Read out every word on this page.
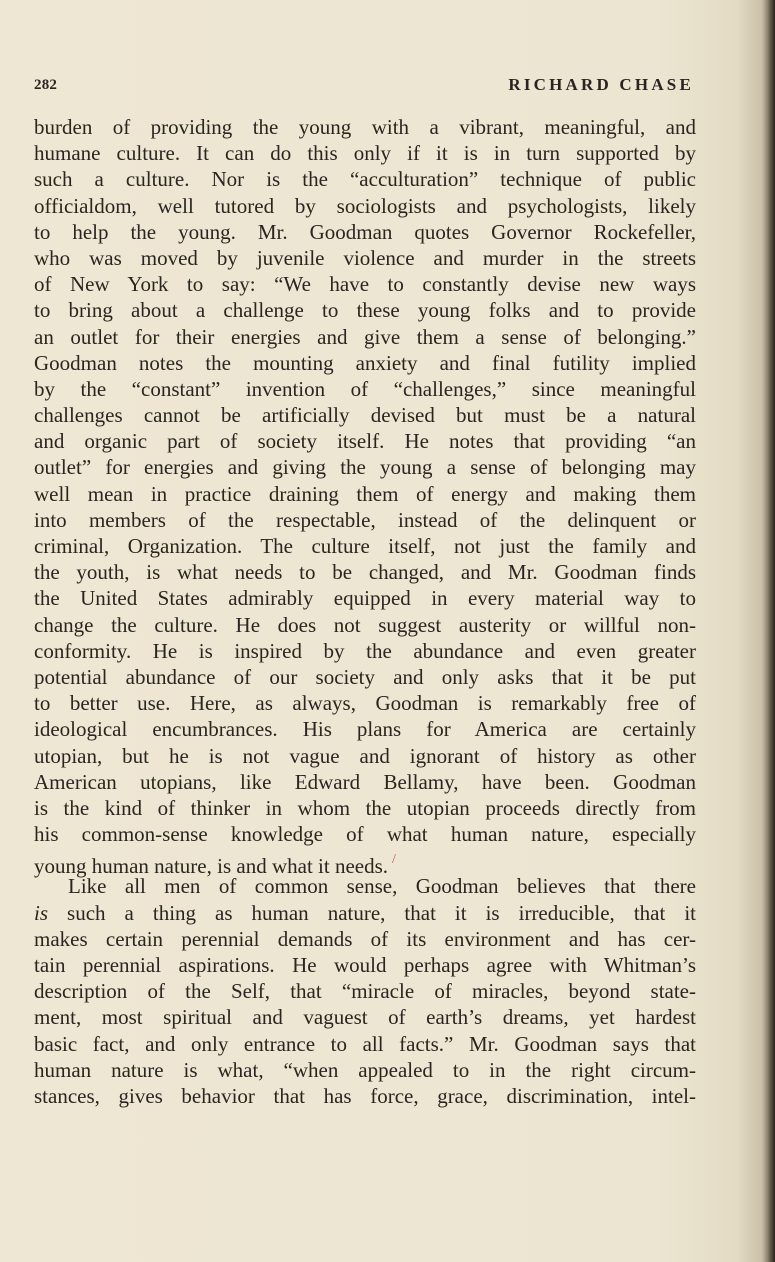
282	RICHARD CHASE
burden of providing the young with a vibrant, meaningful, and
humane culture. It can do this only if it is in turn supported by
such a culture. Nor is the “acculturation” technique of public
officialdom, well tutored by sociologists and psychologists, likely
to help the young. Mr. Goodman quotes Governor Rockefeller,
who was moved by juvenile violence and murder in the streets
of New York to say: “We have to constantly devise new ways
to bring about a challenge to these young folks and to provide
an outlet for their energies and give them a sense of belonging.”
Goodman notes the mounting anxiety and final futility implied
by the “constant” invention of “challenges,” since meaningful
challenges cannot be artificially devised but must be a natural
and organic part of society itself. He notes that providing “an
outlet” for energies and giving the young a sense of belonging may
well mean in practice draining them of energy and making them
into members of the respectable, instead of the delinquent or
criminal, Organization. The culture itself, not just the family and
the youth, is what needs to be changed, and Mr. Goodman finds
the United States admirably equipped in every material way to
change the culture. He does not suggest austerity or willful non-
conformity. He is inspired by the abundance and even greater
potential abundance of our society and only asks that it be put
to better use. Here, as always, Goodman is remarkably free of
ideological encumbrances. His plans for America are certainly
utopian, but he is not vague and ignorant of history as other
American utopians, like Edward Bellamy, have been. Goodman
is the kind of thinker in whom the utopian proceeds directly from
his common-sense knowledge of what human nature, especially
young human nature, is and what it needs. /
Like all men of common sense, Goodman believes that there
is such a thing as human nature, that it is irreducible, that it
makes certain perennial demands of its environment and has cer-
tain perennial aspirations. He would perhaps agree with Whitman’s
description of the Self, that “miracle of miracles, beyond state-
ment, most spiritual and vaguest of earth’s dreams, yet hardest
basic fact, and only entrance to all facts.” Mr. Goodman says that
human nature is what, “when appealed to in the right circum-
stances, gives behavior that has force, grace, discrimination, intel-
